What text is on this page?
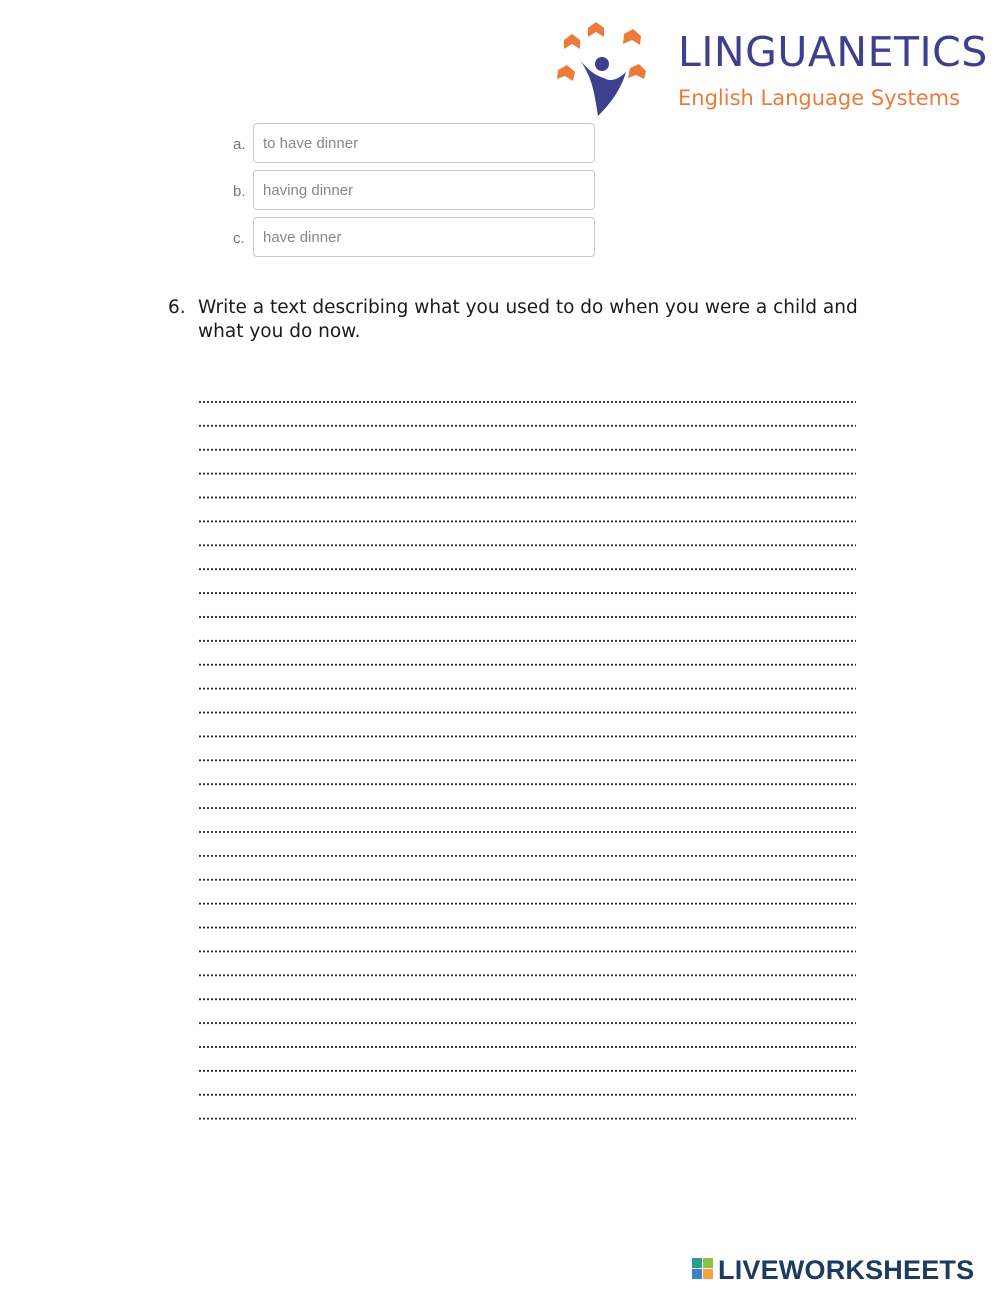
LINGUANETICS
English Language Systems
a.	to have dinner
b.	having dinner
c.	have dinner
6. Write a text describing what you used to do when you were a child and what you do now.
LIVEWORKSHEETS
